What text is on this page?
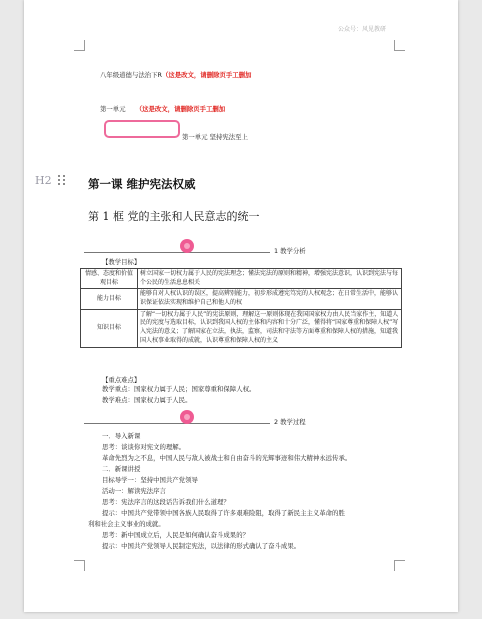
公众号：风见教研
八年级道德与法治下R（这是改文，请删除页手工删加
第一单元 （这是改文，请删除页手工删加
第一单元 坚持宪法至上
H2	第一课 维护宪法权威
第 1 框 党的主张和人民意志的统一
1 教学分析
【教学目标】
情感、态度和价值观目标	树立国家一切权力属于人民的宪法理念；懂法宪法的原则和精神，增强宪法意识，认识到宪法与每个公民的生活息息相关
能力目标	能够自对人权认识的误区，提高辨别能力，初步形成遵宪笃宪的人权观念；在日常生活中，能够认识保证依法实现和维护自己和他人的权
知识目标	了解“一切权力属于人民”的宪法原则，理解这一原则体现在我国国家权力由人民当家作主，知道人民的宪度与选取目标，认识到我国人权的主体和内容和十分广泛，懂得将“国家尊重和保障人权”写入宪法的意义；了解国家在立法，执法，监察，司法和守法等方面尊重和保障人权的措施，知道我国人权事业取得的成就，认识尊重和保障人权的主义
【重点难点】
教学重点：国家权力属于人民；国家尊重和保障人权。
教学难点：国家权力属于人民。
2 教学过程
一．导入新课
思考：谈谈你对宪文的理解。
革命先烈为之不息，中国人民与敌人被战士和自由奋斗的光辉事迹和伟大精神永远传承。
二．新课讲授
目标导学一：坚持中国共产党领导
活动一：解读宪法序言
思考：宪法序言的这段话告诉我们什么道理？
提示：中国共产党带领中国各族人民取得了许多艰难险阻，取得了新民主主义革命的胜
利和社会主义事业的成就。
思考：新中国成立后，人民是如何确认奋斗成果的？
提示：中国共产党领导人民制定宪法，以法律的形式确认了奋斗成果。
